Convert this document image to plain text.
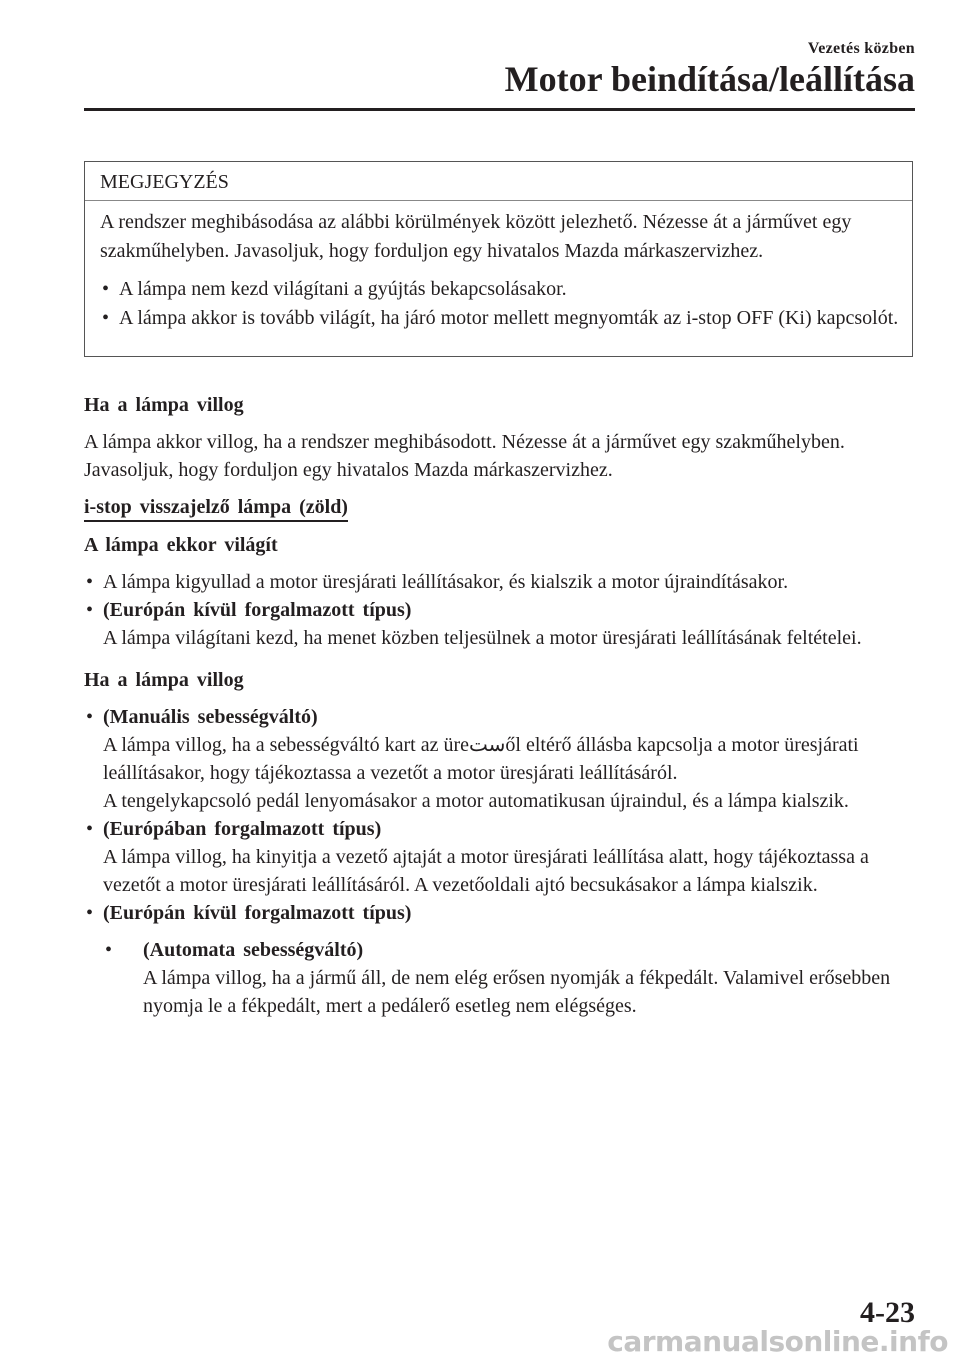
Vezetés közben
Motor beindítása/leállítása
MEGJEGYZÉS
A rendszer meghibásodása az alábbi körülmények között jelezhető. Nézesse át a járművet egy szakműhelyben. Javasoljuk, hogy forduljon egy hivatalos Mazda márkaszervizhez.
• A lámpa nem kezd világítani a gyújtás bekapcsolásakor.
• A lámpa akkor is tovább világít, ha járó motor mellett megnyomták az i-stop OFF (Ki) kapcsolót.
Ha a lámpa villog

A lámpa akkor villog, ha a rendszer meghibásodott. Nézesse át a járművet egy szakműhelyben. Javasoljuk, hogy forduljon egy hivatalos Mazda márkaszervizhez.

i-stop visszajelző lámpa (zöld)
A lámpa ekkor világít
• A lámpa kigyullad a motor üresjárati leállításakor, és kialszik a motor újraindításakor.
• (Európán kívül forgalmazott típus)
A lámpa világítani kezd, ha menet közben teljesülnek a motor üresjárati leállításának feltételei.
Ha a lámpa villog
• (Manuális sebességváltó)
A lámpa villog, ha a sebességváltó kart az üreستől eltérő állásba kapcsolja a motor üresjárati leállításakor, hogy tájékoztassa a vezetőt a motor üresjárati leállításáról.
A tengelykapcsoló pedál lenyomásakor a motor automatikusan újraindul, és a lámpa kialszik.
• (Európában forgalmazott típus)
A lámpa villog, ha kinyitja a vezető ajtaját a motor üresjárati leállítása alatt, hogy tájékoztassa a vezetőt a motor üresjárati leállításáról. A vezetőoldali ajtó becsukásakor a lámpa kialszik.
• (Európán kívül forgalmazott típus)
•	(Automata sebességváltó)
A lámpa villog, ha a jármű áll, de nem elég erősen nyomják a fékpedált. Valamivel erősebben nyomja le a fékpedált, mert a pedálerő esetleg nem elégséges.
4-23
carmanualsonline.info
